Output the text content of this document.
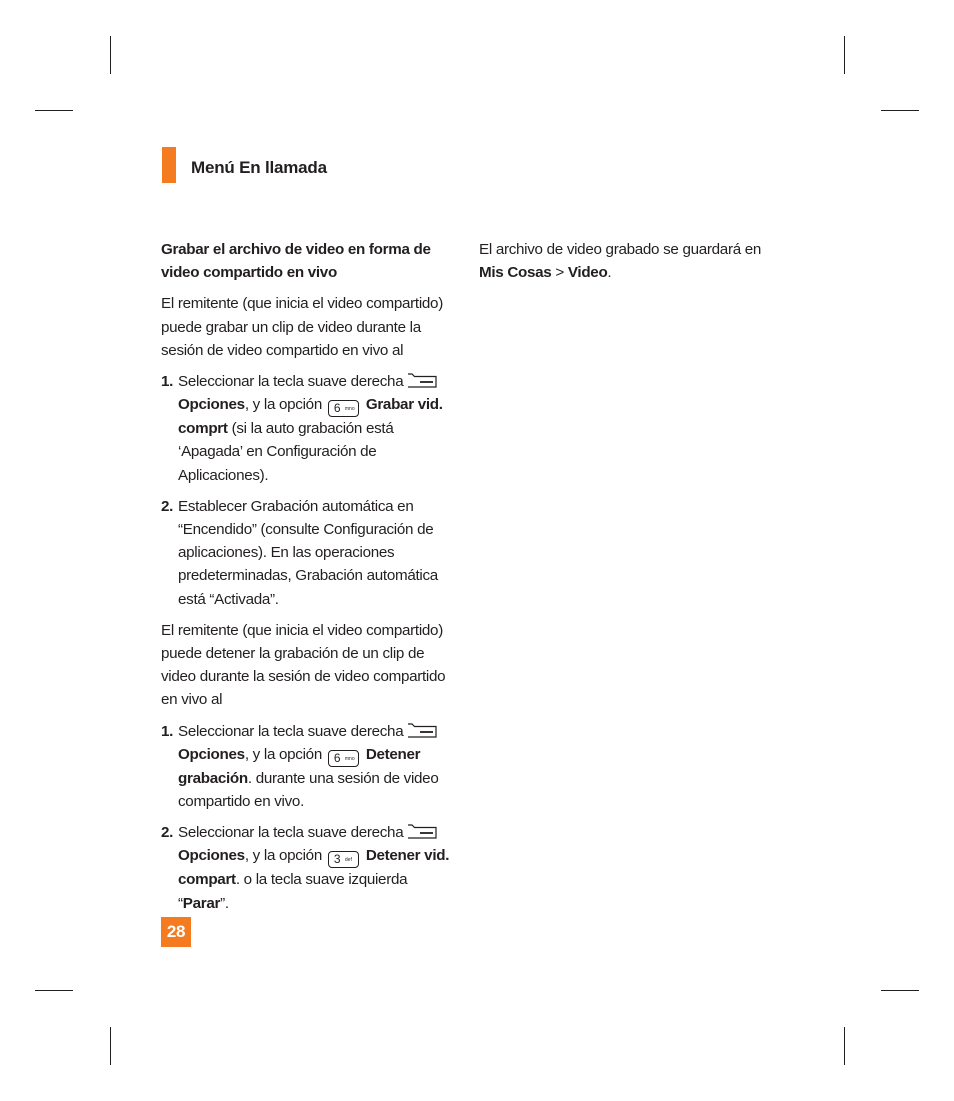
Menú En llamada

Grabar el archivo de video en forma de video compartido en vivo

El remitente (que inicia el video compartido) puede grabar un clip de video durante la sesión de video compartido en vivo al

1. Seleccionar la tecla suave derecha Opciones, y la opción 6 mno Grabar vid. comprt (si la auto grabación está ‘Apagada’ en Configuración de Aplicaciones).
2. Establecer Grabación automática en “Encendido” (consulte Configuración de aplicaciones). En las operaciones predeterminadas, Grabación automática está “Activada”.

El remitente (que inicia el video compartido) puede detener la grabación de un clip de video durante la sesión de video compartido en vivo al

1. Seleccionar la tecla suave derecha Opciones, y la opción 6 mno Detener grabación. durante una sesión de video compartido en vivo.
2. Seleccionar la tecla suave derecha Opciones, y la opción 3 def Detener vid. compart. o la tecla suave izquierda “Parar”.

El archivo de video grabado se guardará en
Mis Cosas > Video.

28
